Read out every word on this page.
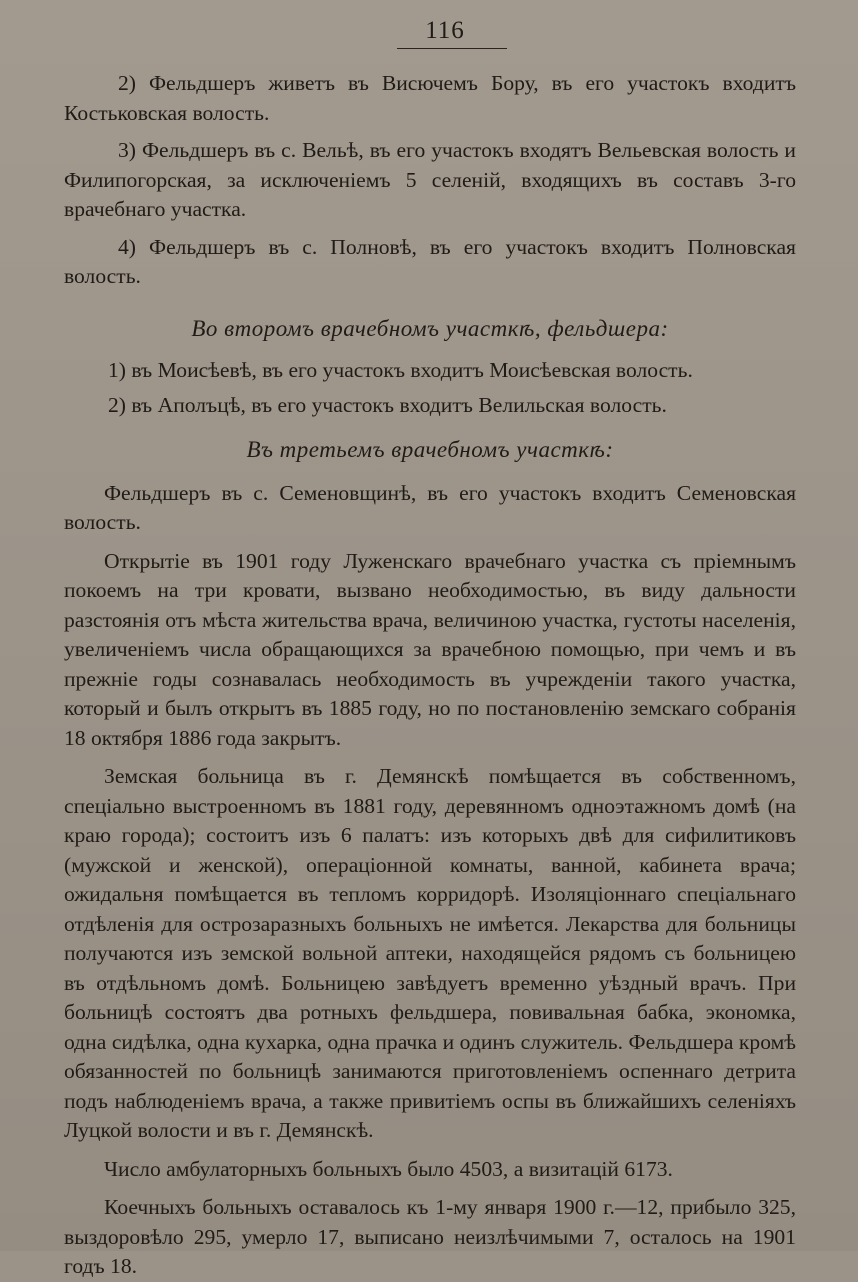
116

2) Фельдшеръ живетъ въ Висючемъ Бору, въ его участокъ входитъ Костьковская волость.

3) Фельдшеръ въ с. Вельѣ, въ его участокъ входятъ Вельевская волость и Филипогорская, за исключеніемъ 5 селеній, входящихъ въ составъ 3-го врачебнаго участка.

4) Фельдшеръ въ с. Полновѣ, въ его участокъ входитъ Полновская волость.

Во второмъ врачебномъ участкѣ, фельдшера:

1) въ Моисѣевѣ, въ его участокъ входитъ Моисѣевская волость.

2) въ Аполъцѣ, въ его участокъ входитъ Велильская волость.

Въ третьемъ врачебномъ участкѣ:

Фельдшеръ въ с. Семеновщинѣ, въ его участокъ входитъ Семеновская волость.

Открытіе въ 1901 году Луженскаго врачебнаго участка съ пріемнымъ покоемъ на три кровати, вызвано необходимостью, въ виду дальности разстоянія отъ мѣста жительства врача, величиною участка, густоты населенія, увеличеніемъ числа обращающихся за врачебною помощью, при чемъ и въ прежніе годы сознавалась необходимость въ учрежденіи такого участка, который и былъ открытъ въ 1885 году, но по постановленію земскаго собранія 18 октября 1886 года закрытъ.

Земская больница въ г. Демянскѣ помѣщается въ собственномъ, спеціально выстроенномъ въ 1881 году, деревянномъ одноэтажномъ домѣ (на краю города); состоитъ изъ 6 палатъ: изъ которыхъ двѣ для сифилитиковъ (мужской и женской), операціонной комнаты, ванной, кабинета врача; ожидальня помѣщается въ тепломъ корридорѣ. Изоляціоннаго спеціальнаго отдѣленія для острозаразныхъ больныхъ не имѣется. Лекарства для больницы получаются изъ земской вольной аптеки, находящейся рядомъ съ больницею въ отдѣльномъ домѣ. Больницею завѣдуетъ временно уѣздный врачъ. При больницѣ состоятъ два ротныхъ фельдшера, повивальная бабка, экономка, одна сидѣлка, одна кухарка, одна прачка и одинъ служитель. Фельдшера кромѣ обязанностей по больницѣ занимаются приготовленіемъ оспеннаго детрита подъ наблюденіемъ врача, а также привитіемъ оспы въ ближайшихъ селеніяхъ Луцкой волости и въ г. Демянскѣ.

Число амбулаторныхъ больныхъ было 4503, а визитацій 6173.

Коечныхъ больныхъ оставалось къ 1-му января 1900 г.—12, прибыло 325, выздоровѣло 295, умерло 17, выписано неизлѣчимыми 7, осталось на 1901 годъ 18.
